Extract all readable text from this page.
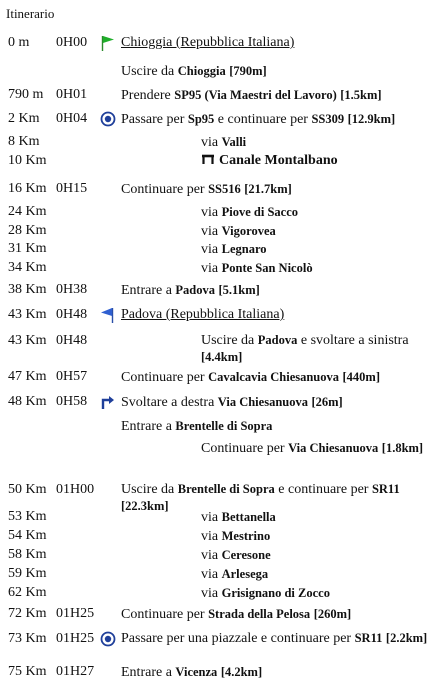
Itinerario
0 m 0H00 Chioggia (Repubblica Italiana)
Uscire da Chioggia [790m]
790 m 0H01 Prendere SP95 (Via Maestri del Lavoro) [1.5km]
2 Km 0H04 Passare per Sp95 e continuare per SS309 [12.9km]
8 Km	via Valli
10 Km	Canale Montalbano
16 Km 0H15 Continuare per SS516 [21.7km]
24 Km	via Piove di Sacco
28 Km	via Vigorovea
31 Km	via Legnaro
34 Km	via Ponte San Nicolò
38 Km 0H38 Entrare a Padova [5.1km]
43 Km 0H48 Padova (Repubblica Italiana)
43 Km 0H48	Uscire da Padova e svoltare a sinistra [4.4km]
47 Km 0H57 Continuare per Cavalcavia Chiesanuova [440m]
48 Km 0H58 Svoltare a destra Via Chiesanuova [26m]
Entrare a Brentelle di Sopra
Continuare per Via Chiesanuova [1.8km]
50 Km 01H00 Uscire da Brentelle di Sopra e continuare per SR11 [22.3km]
53 Km	via Bettanella
54 Km	via Mestrino
58 Km	via Ceresone
59 Km	via Arlesega
62 Km	via Grisignano di Zocco
72 Km 01H25 Continuare per Strada della Pelosa [260m]
73 Km 01H25 Passare per una piazzale e continuare per SR11 [2.2km]
75 Km 01H27 Entrare a Vicenza [4.2km]
